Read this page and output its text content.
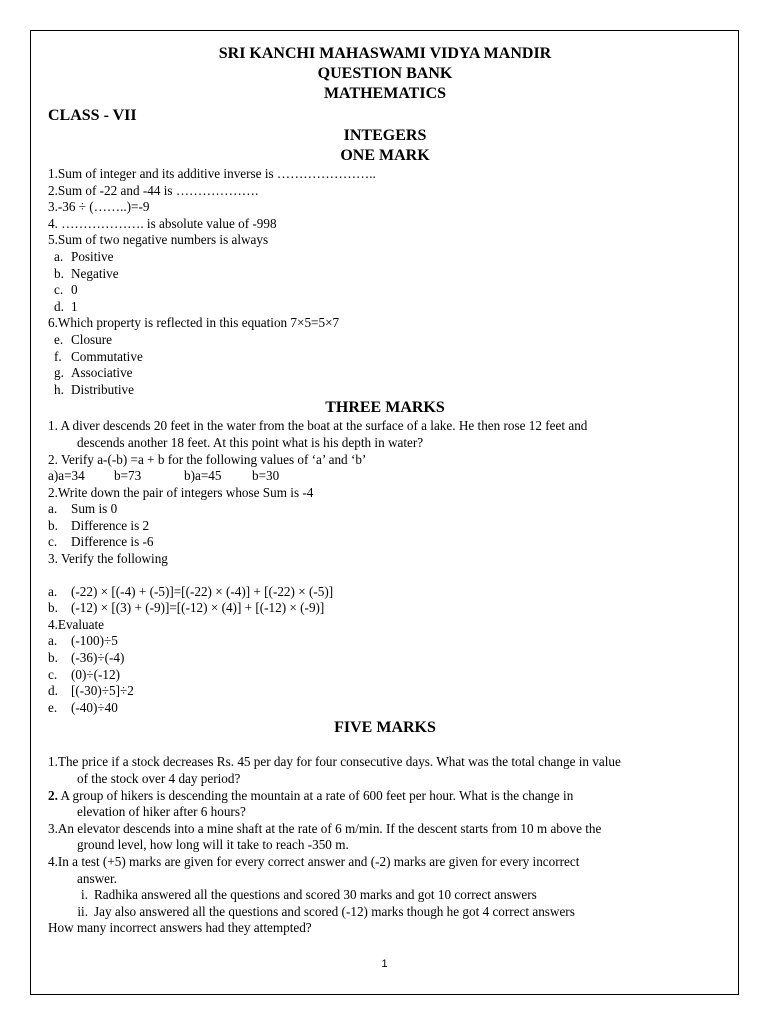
SRI KANCHI MAHASWAMI VIDYA MANDIR
QUESTION BANK
MATHEMATICS
CLASS - VII
INTEGERS
ONE MARK
1.Sum of integer and its additive inverse is …………………..
2.Sum of -22 and -44 is ……………….
3.-36 ÷ (……..)=-9
4. ………………. is absolute value of -998
5.Sum of two negative numbers is always
a. Positive
b. Negative
c. 0
d. 1
6.Which property is reflected in this equation 7×5=5×7
e. Closure
f. Commutative
g. Associative
h. Distributive
THREE MARKS
1. A diver descends 20 feet in the water from the boat at the surface of a lake. He then rose 12 feet and
descends another 18 feet. At this point what is his depth in water?
2. Verify a-(-b) =a + b for the following values of ‘a’ and ‘b’
a)a=34 b=73	b)a=45 b=30
2.Write down the pair of integers whose Sum is -4
a. Sum is 0
b. Difference is 2
c. Difference is -6
3. Verify the following
a. (-22) × [(-4) + (-5)]=[(-22) × (-4)] + [(-22) × (-5)]
b. (-12) × [(3) + (-9)]=[(-12) × (4)] + [(-12) × (-9)]
4.Evaluate
a. (-100)÷5
b. (-36)÷(-4)
c. (0)÷(-12)
d. [(-30)÷5]÷2
e. (-40)÷40
FIVE MARKS
1.The price if a stock decreases Rs. 45 per day for four consecutive days. What was the total change in value
of the stock over 4 day period?
2. A group of hikers is descending the mountain at a rate of 600 feet per hour. What is the change in
elevation of hiker after 6 hours?
3.An elevator descends into a mine shaft at the rate of 6 m/min. If the descent starts from 10 m above the
ground level, how long will it take to reach -350 m.
4.In a test (+5) marks are given for every correct answer and (-2) marks are given for every incorrect
answer.
i. Radhika answered all the questions and scored 30 marks and got 10 correct answers
ii. Jay also answered all the questions and scored (-12) marks though he got 4 correct answers
How many incorrect answers had they attempted?
1
